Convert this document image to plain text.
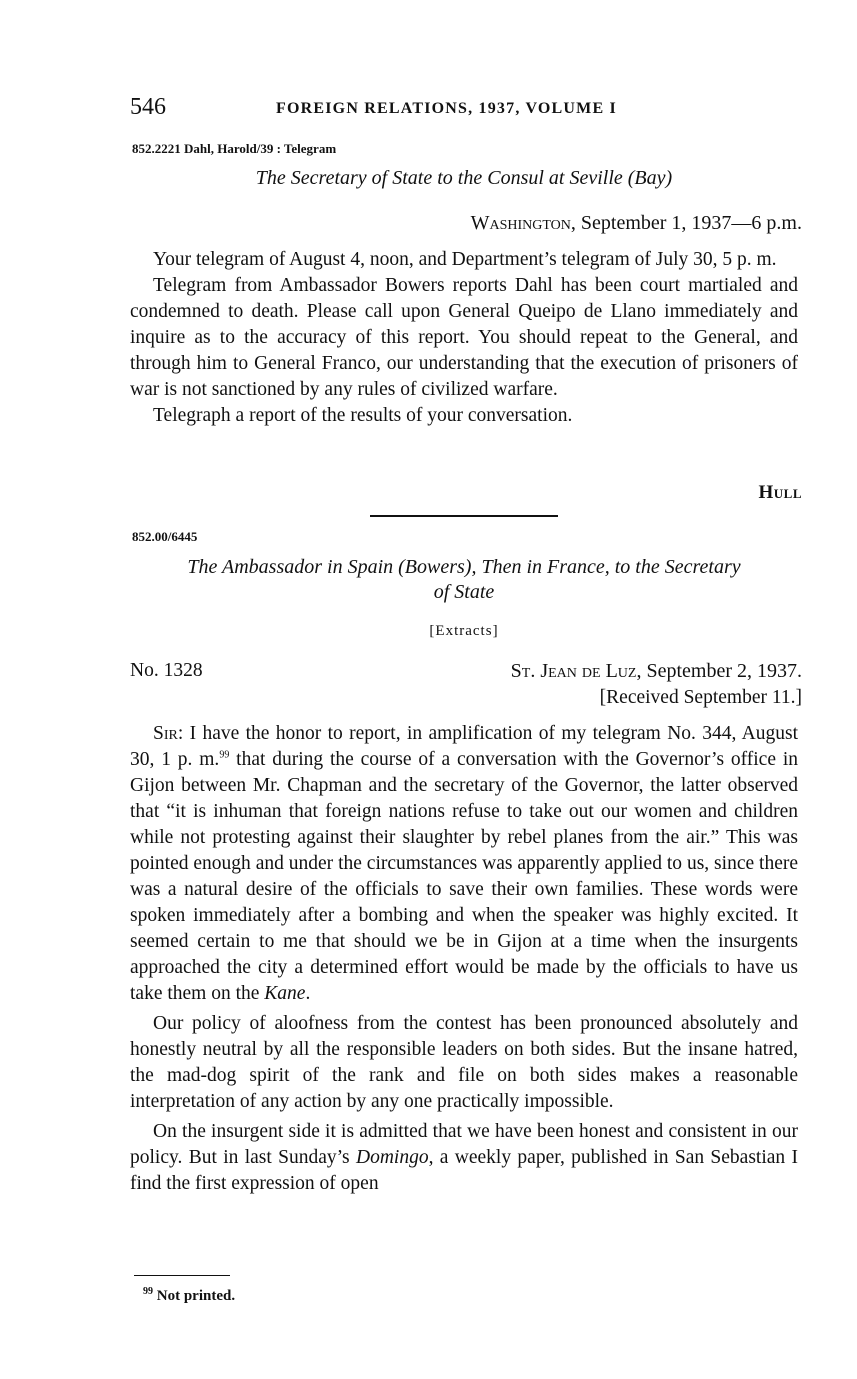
546	FOREIGN RELATIONS, 1937, VOLUME I
852.2221 Dahl, Harold/39 : Telegram
The Secretary of State to the Consul at Seville (Bay)
Washington, September 1, 1937—6 p.m.

Your telegram of August 4, noon, and Department’s telegram of July 30, 5 p. m.

Telegram from Ambassador Bowers reports Dahl has been court martialed and condemned to death. Please call upon General Queipo de Llano immediately and inquire as to the accuracy of this report. You should repeat to the General, and through him to General Franco, our understanding that the execution of prisoners of war is not sanctioned by any rules of civilized warfare.

Telegraph a report of the results of your conversation.

Hull
852.00/6445
The Ambassador in Spain (Bowers), Then in France, to the Secretary
of State
[Extracts]
No. 1328	St. Jean de Luz, September 2, 1937.
[Received September 11.]

Sir: I have the honor to report, in amplification of my telegram No. 344, August 30, 1 p. m.$^{99}$ that during the course of a conversation with the Governor’s office in Gijon between Mr. Chapman and the secretary of the Governor, the latter observed that “it is inhuman that foreign nations refuse to take out our women and children while not protesting against their slaughter by rebel planes from the air.” This was pointed enough and under the circumstances was apparently applied to us, since there was a natural desire of the officials to save their own families. These words were spoken immediately after a bombing and when the speaker was highly excited. It seemed certain to me that should we be in Gijon at a time when the insurgents approached the city a determined effort would be made by the officials to have us take them on the Kane.

Our policy of aloofness from the contest has been pronounced absolutely and honestly neutral by all the responsible leaders on both sides. But the insane hatred, the mad-dog spirit of the rank and file on both sides makes a reasonable interpretation of any action by any one practically impossible.

On the insurgent side it is admitted that we have been honest and consistent in our policy. But in last Sunday’s Domingo, a weekly paper, published in San Sebastian I find the first expression of open

$^{99}$ Not printed.
